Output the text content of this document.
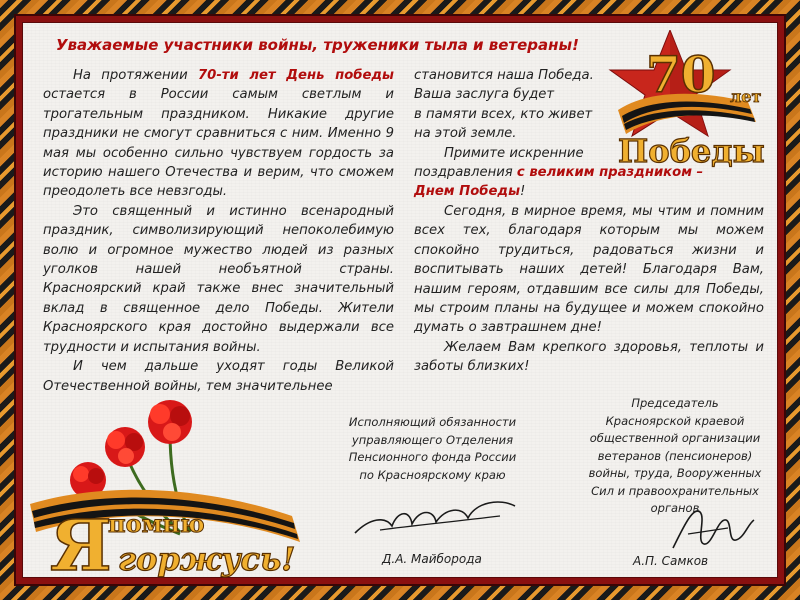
Уважаемые участники войны, труженики тыла и ветераны!	70 лет
Победы

На протяжении 70-ти лет День победы остается в России самым светлым и трогательным праздником. Никакие другие праздники не смогут сравниться с ним. Именно 9 мая мы особенно сильно чувствуем гордость за историю нашего Отечества и верим, что сможем преодолеть все невзгоды.

Это священный и истинно всенародный праздник, символизирующий непоколебимую волю и огромное мужество людей из разных уголков нашей необъятной страны. Красноярский край также внес значительный вклад в священное дело Победы. Жители Красноярского края достойно выдержали все трудности и испытания войны.

И чем дальше уходят годы Великой Отечественной войны, тем значительнее

становится наша Победа.

Ваша заслуга будет

в памяти всех, кто живет

на этой земле.

Примите искренние

поздравления с великим праздником –

Днем Победы!

Сегодня, в мирное время, мы чтим и помним всех тех, благодаря которым мы можем спокойно трудиться, радоваться жизни и воспитывать наших детей! Благодаря Вам, нашим героям, отдавшим все силы для Победы, мы строим планы на будущее и можем спокойно думать о завтрашнем дне!

Желаем Вам крепкого здоровья, теплоты и заботы близких!

Я
помню
горжусь!
Исполняющий обязанности
управляющего Отделения
Пенсионного фонда России
по Красноярскому краю
Д.А. Майборода
Председатель
Красноярской краевой
общественной организации
ветеранов (пенсионеров)
войны, труда, Вооруженных
Сил и правоохранительных
органов
А.П. Самков
